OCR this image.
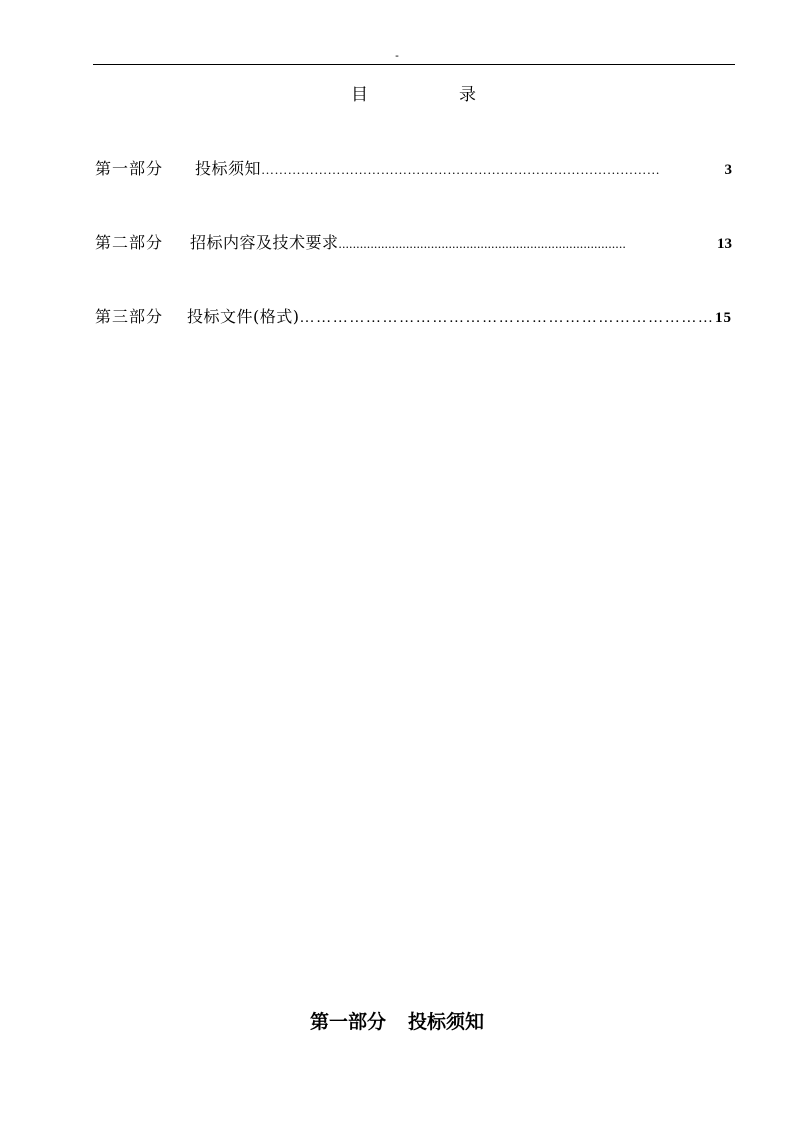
-
目	录
第一部分 投标须知 ………………………………………………………………………………	3
第二部分 招标内容及技术要求 .................................................................................	13
第三部分 投标文件(格式) ………………………………………………………………… 15
第一部分 投标须知
